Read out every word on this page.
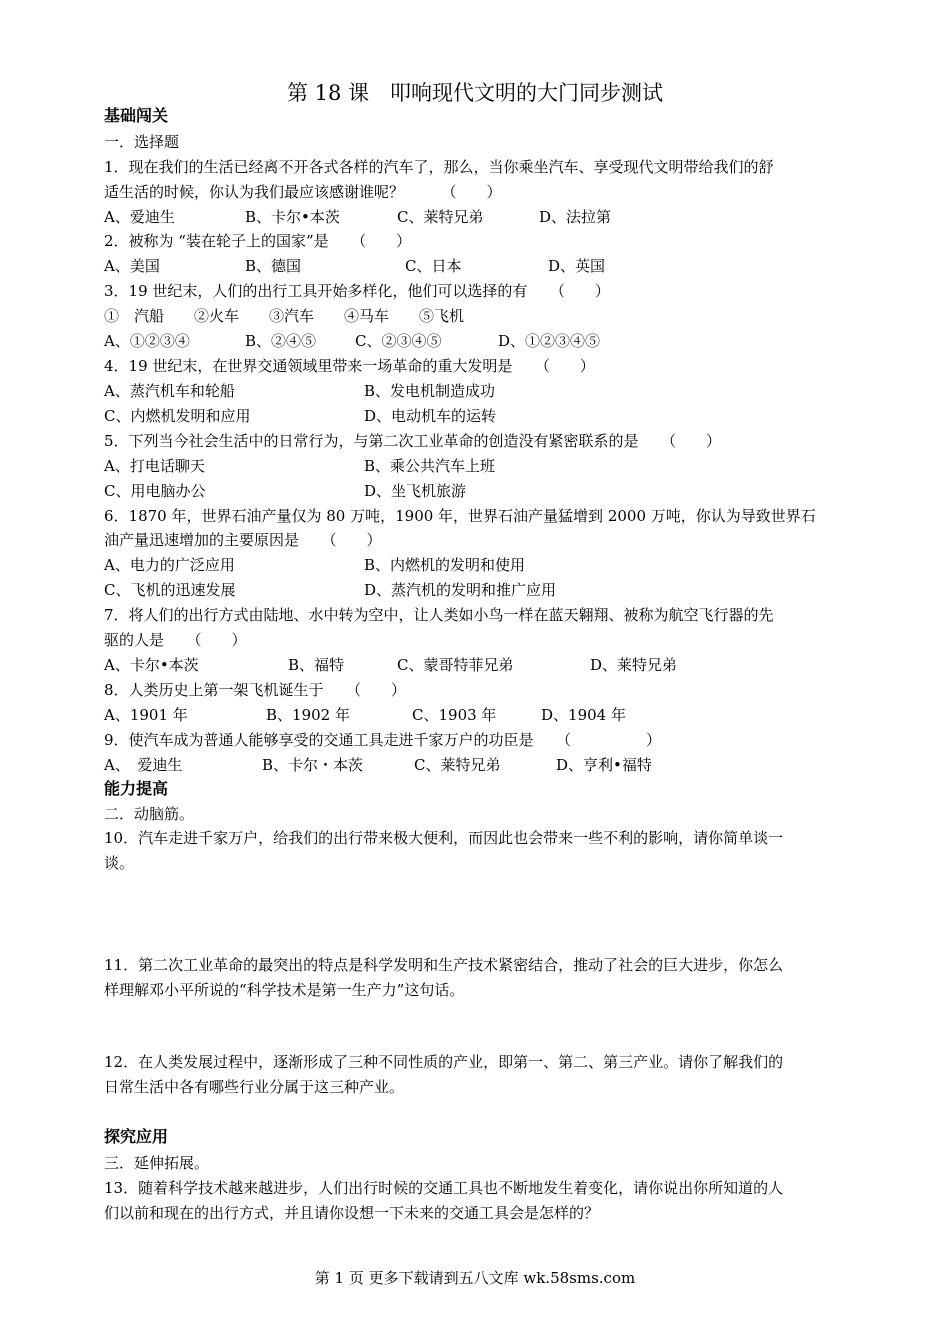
第 18 课　叩响现代文明的大门同步测试
基础闯关
一．选择题
1．现在我们的生活已经离不开各式各样的汽车了，那么，当你乘坐汽车、享受现代文明带给我们的舒
适生活的时候，你认为我们最应该感谢谁呢？　　　（　　）
A、爱迪生	B、卡尔•本茨	C、莱特兄弟	D、法拉第
2．被称为 “装在轮子上的国家”是　　（　　）
A、美国	B、德国	C、日本	D、英国
3．19 世纪末，人们的出行工具开始多样化，他们可以选择的有　　（　　）
①　汽船　　②火车　　③汽车　　④马车　　⑤飞机
A、①②③④	B、②④⑤	C、②③④⑤	D、①②③④⑤
4．19 世纪末，在世界交通领域里带来一场革命的重大发明是　　（　　）
A、蒸汽机车和轮船	B、发电机制造成功
C、内燃机发明和应用	D、电动机车的运转
5．下列当今社会生活中的日常行为，与第二次工业革命的创造没有紧密联系的是　　（　　）
A、打电话聊天	B、乘公共汽车上班
C、用电脑办公	D、坐飞机旅游
6．1870 年，世界石油产量仅为 80 万吨，1900 年，世界石油产量猛增到 2000 万吨，你认为导致世界石
油产量迅速增加的主要原因是　　（　　）
A、电力的广泛应用	B、内燃机的发明和使用
C、飞机的迅速发展	D、蒸汽机的发明和推广应用
7．将人们的出行方式由陆地、水中转为空中，让人类如小鸟一样在蓝天翱翔、被称为航空飞行器的先
驱的人是　　（　　）
A、卡尔•本茨	B、福特	C、蒙哥特菲兄弟	D、莱特兄弟
8．人类历史上第一架飞机诞生于　　（　　）
A、1901 年	B、1902 年	C、1903 年	D、1904 年
9．使汽车成为普通人能够享受的交通工具走进千家万户的功臣是　　（　　　　　）
A、　爱迪生	B、卡尔・本茨	C、莱特兄弟	D、亨利•福特
能力提高
二．动脑筋。
10．汽车走进千家万户，给我们的出行带来极大便利，而因此也会带来一些不利的影响，请你简单谈一
谈。
11．第二次工业革命的最突出的特点是科学发明和生产技术紧密结合，推动了社会的巨大进步，你怎么
样理解邓小平所说的“科学技术是第一生产力”这句话。
12．在人类发展过程中，逐渐形成了三种不同性质的产业，即第一、第二、第三产业。请你了解我们的
日常生活中各有哪些行业分属于这三种产业。
探究应用
三．延伸拓展。
13．随着科学技术越来越进步，人们出行时候的交通工具也不断地发生着变化，请你说出你所知道的人
们以前和现在的出行方式，并且请你设想一下未来的交通工具会是怎样的？
第 1 页 更多下载请到五八文库 wk.58sms.com
